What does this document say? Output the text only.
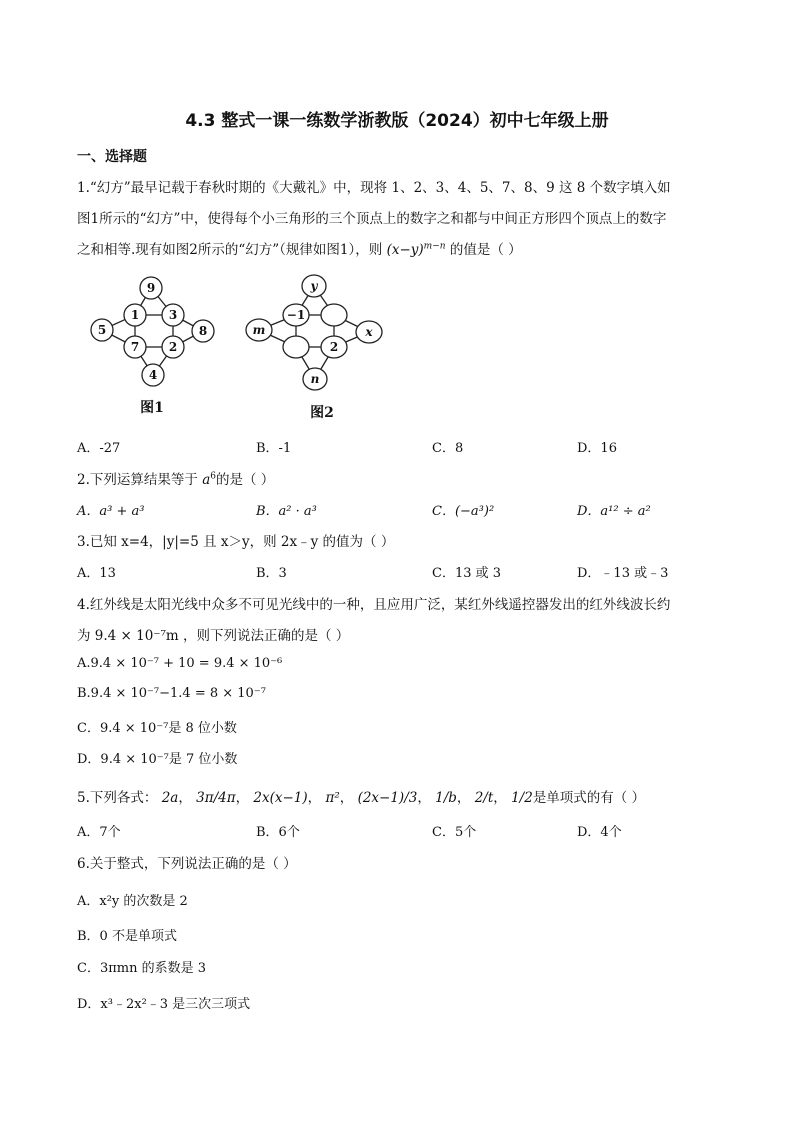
4.3 整式一课一练数学浙教版（2024）初中七年级上册
一、选择题
1.“幻方”最早记载于春秋时期的《大戴礼》中，现将 1、2、3、4、5、7、8、9 这 8 个数字填入如
图1所示的“幻方”中，使得每个小三角形的三个顶点上的数字之和都与中间正方形四个顶点上的数字
之和相等.现有如图2所示的“幻方”（规律如图1），则 $(x-y)^{m-n}$ 的值是（ ）
9
1 3
5	8
7 2
4
y
−1
m	x
2
n
图1	图2
A．-27	B．-1	C．8	D．16
2.下列运算结果等于 $a^6$的是（ ）
A．a³ + a³	B．a² · a³	C．(−a³)²	D．a¹² ÷ a²
3.已知 x=4，|y|=5 且 x＞y，则 2x﹣y 的值为（ ）
A．13	B．3	C．13 或 3	D．﹣13 或﹣3
4.红外线是太阳光线中众多不可见光线中的一种，且应用广泛，某红外线遥控器发出的红外线波长约
为 9.4 × 10⁻⁷m ，则下列说法正确的是（ ）
A.9.4 × 10⁻⁷ + 10 = 9.4 × 10⁻⁶
B.9.4 × 10⁻⁷−1.4 = 8 × 10⁻⁷
C．9.4 × 10⁻⁷是 8 位小数
D．9.4 × 10⁻⁷是 7 位小数
5.下列各式： 2a， 3π/4π， 2x(x−1)， π²， (2x−1)/3， 1/b， 2/t， 1/2是单项式的有（ ）
A．7个	B．6个	C．5个	D．4个
6.关于整式，下列说法正确的是（ ）
A．x²y 的次数是 2
B．0 不是单项式
C．3πmn 的系数是 3
D．x³﹣2x²﹣3 是三次三项式
